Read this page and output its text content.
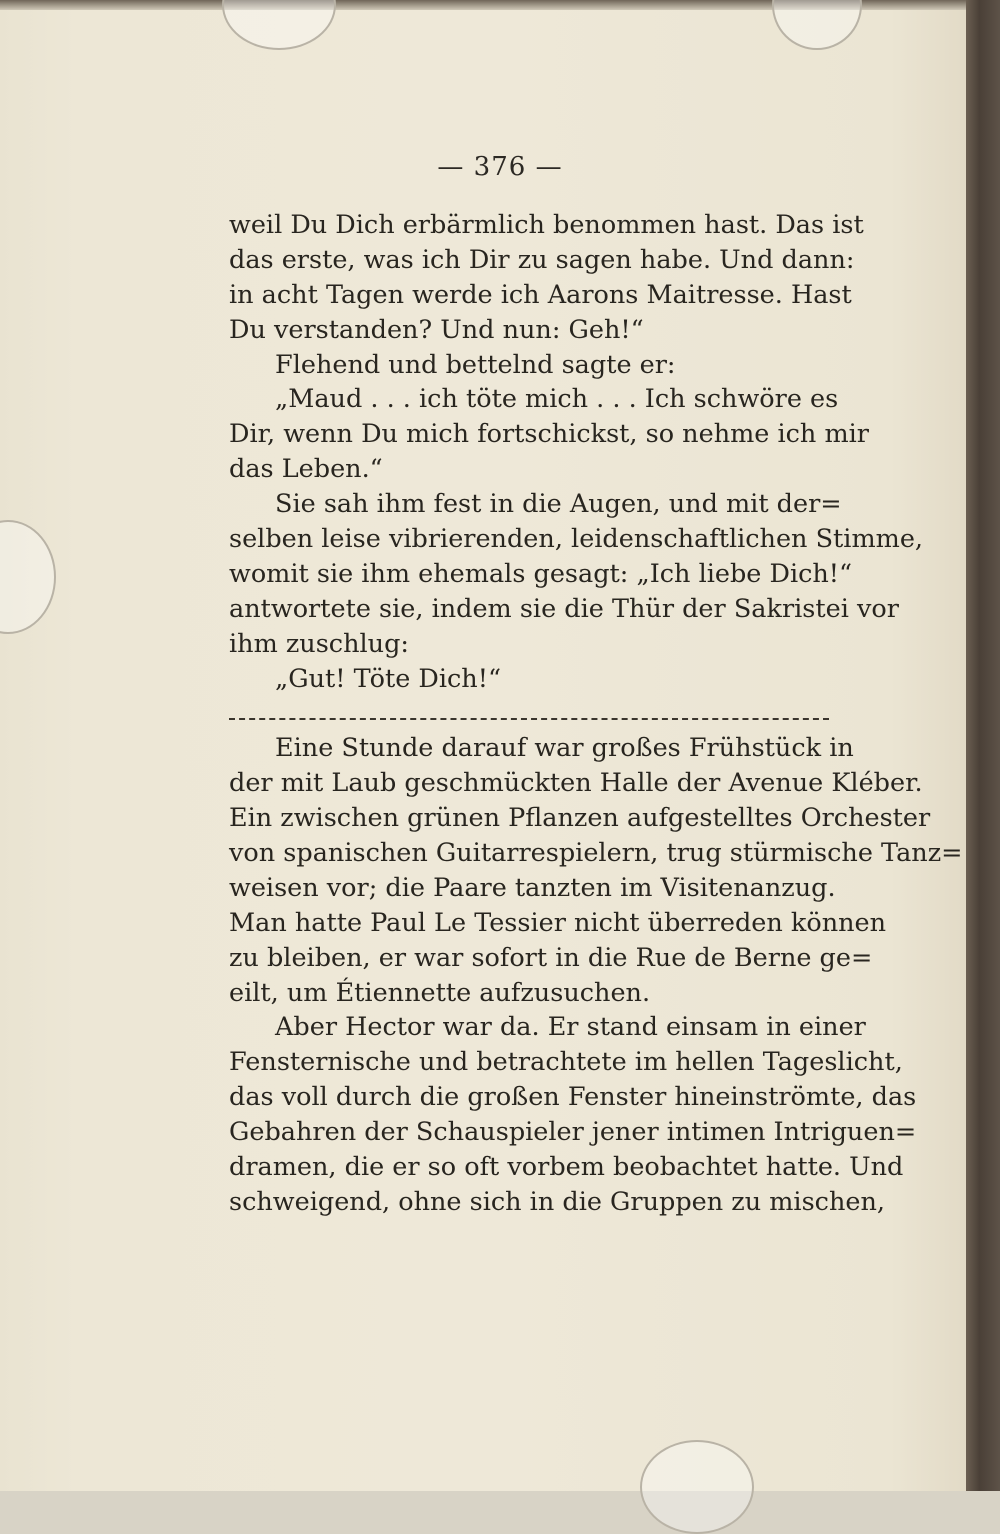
— 376 —
weil Du Dich erbärmlich benommen hast. Das ist
das erste, was ich Dir zu sagen habe. Und dann:
in acht Tagen werde ich Aarons Maitresse. Hast
Du verstanden? Und nun: Geh!“
Flehend und bettelnd sagte er:
„Maud . . . ich töte mich . . . Ich schwöre es
Dir, wenn Du mich fortschickst, so nehme ich mir
das Leben.“
Sie sah ihm fest in die Augen, und mit der=
selben leise vibrierenden, leidenschaftlichen Stimme,
womit sie ihm ehemals gesagt: „Ich liebe Dich!“
antwortete sie, indem sie die Thür der Sakristei vor
ihm zuschlug:
„Gut! Töte Dich!“
Eine Stunde darauf war großes Frühstück in
der mit Laub geschmückten Halle der Avenue Kléber.
Ein zwischen grünen Pflanzen aufgestelltes Orchester
von spanischen Guitarrespielern, trug stürmische Tanz=
weisen vor; die Paare tanzten im Visitenanzug.
Man hatte Paul Le Tessier nicht überreden können
zu bleiben, er war sofort in die Rue de Berne ge=
eilt, um Étiennette aufzusuchen.
Aber Hector war da. Er stand einsam in einer
Fensternische und betrachtete im hellen Tageslicht,
das voll durch die großen Fenster hineinströmte, das
Gebahren der Schauspieler jener intimen Intriguen=
dramen, die er so oft vorbem beobachtet hatte. Und
schweigend, ohne sich in die Gruppen zu mischen,
